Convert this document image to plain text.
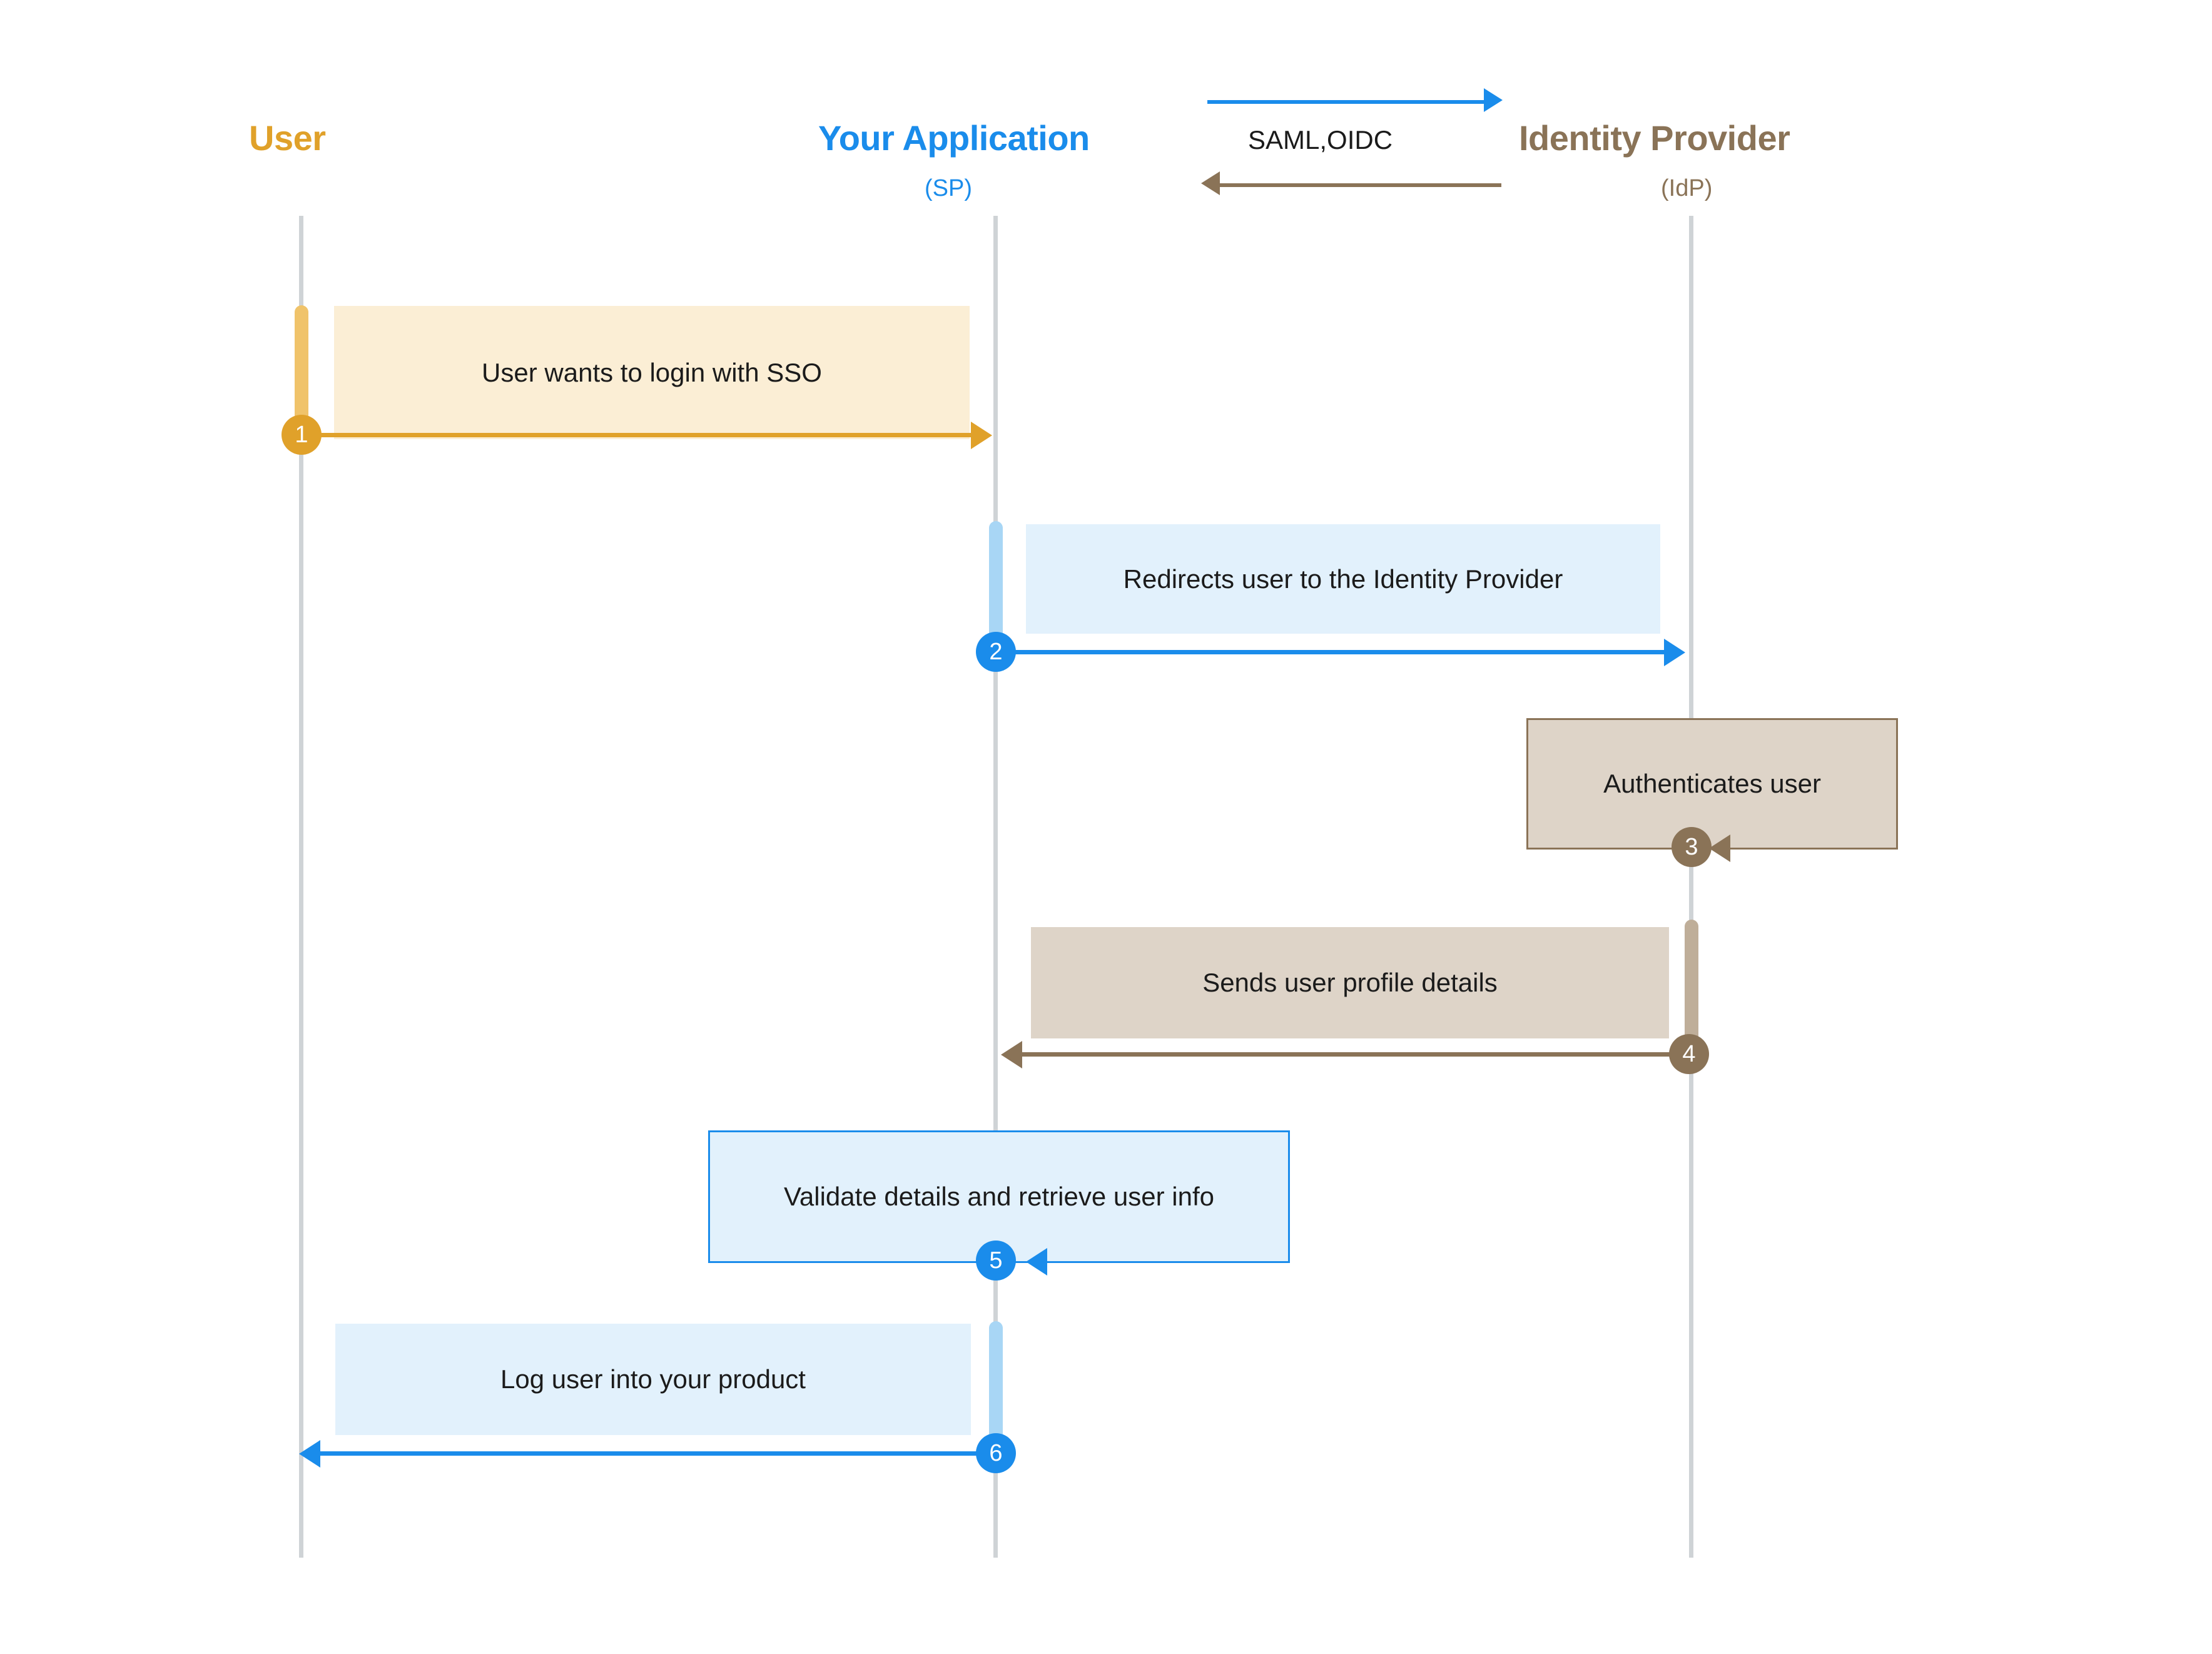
User	Your Application
(SP)
Identity Provider
(IdP)
SAML,OIDC
User wants to login with SSO
1
Redirects user to the Identity Provider
2
Authenticates user
3
Sends user profile details
4
Validate details and retrieve user info
5
Log user into your product
6
